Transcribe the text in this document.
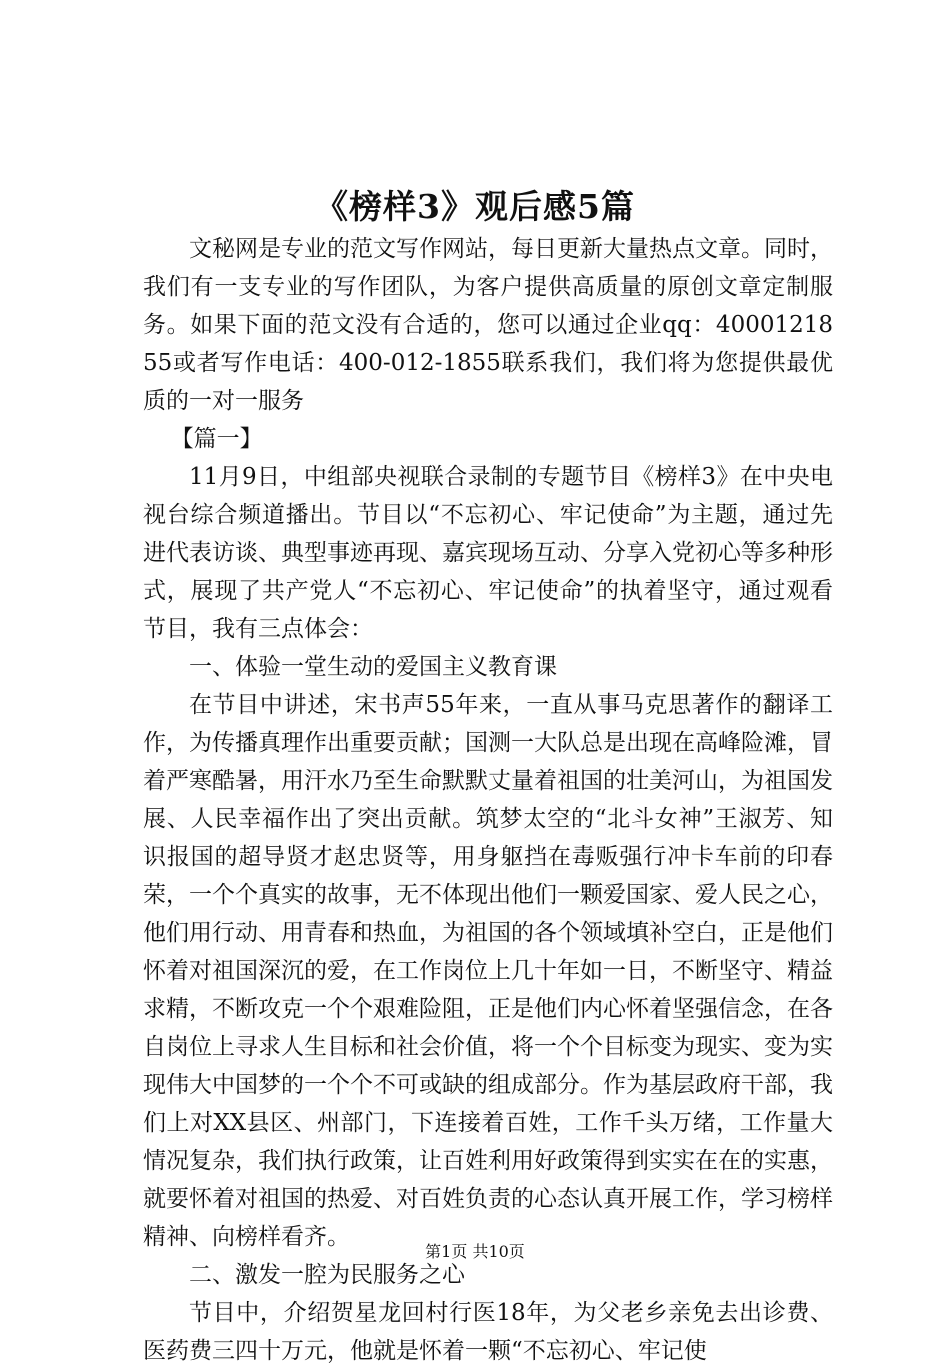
《榜样3》观后感5篇

文秘网是专业的范文写作网站，每日更新大量热点文章。同时，我们有一支专业的写作团队，为客户提供高质量的原创文章定制服务。如果下面的范文没有合适的，您可以通过企业qq：4000121855或者写作电话：400-012-1855联系我们，我们将为您提供最优质的一对一服务

【篇一】

11月9日，中组部央视联合录制的专题节目《榜样3》在中央电视台综合频道播出。节目以“不忘初心、牢记使命”为主题，通过先进代表访谈、典型事迹再现、嘉宾现场互动、分享入党初心等多种形式，展现了共产党人“不忘初心、牢记使命”的执着坚守，通过观看节目，我有三点体会：

一、体验一堂生动的爱国主义教育课

在节目中讲述，宋书声55年来，一直从事马克思著作的翻译工作，为传播真理作出重要贡献；国测一大队总是出现在高峰险滩，冒着严寒酷暑，用汗水乃至生命默默丈量着祖国的壮美河山，为祖国发展、人民幸福作出了突出贡献。筑梦太空的“北斗女神”王淑芳、知识报国的超导贤才赵忠贤等，用身躯挡在毒贩强行冲卡车前的印春荣，一个个真实的故事，无不体现出他们一颗爱国家、爱人民之心，他们用行动、用青春和热血，为祖国的各个领域填补空白，正是他们怀着对祖国深沉的爱，在工作岗位上几十年如一日，不断坚守、精益求精，不断攻克一个个艰难险阻，正是他们内心怀着坚强信念，在各自岗位上寻求人生目标和社会价值，将一个个目标变为现实、变为实现伟大中国梦的一个个不可或缺的组成部分。作为基层政府干部，我们上对XX县区、州部门，下连接着百姓，工作千头万绪，工作量大情况复杂，我们执行政策，让百姓利用好政策得到实实在在的实惠，就要怀着对祖国的热爱、对百姓负责的心态认真开展工作，学习榜样精神、向榜样看齐。

二、激发一腔为民服务之心

节目中，介绍贺星龙回村行医18年，为父老乡亲免去出诊费、医药费三四十万元，他就是怀着一颗“不忘初心、牢记使

第1页 共10页
